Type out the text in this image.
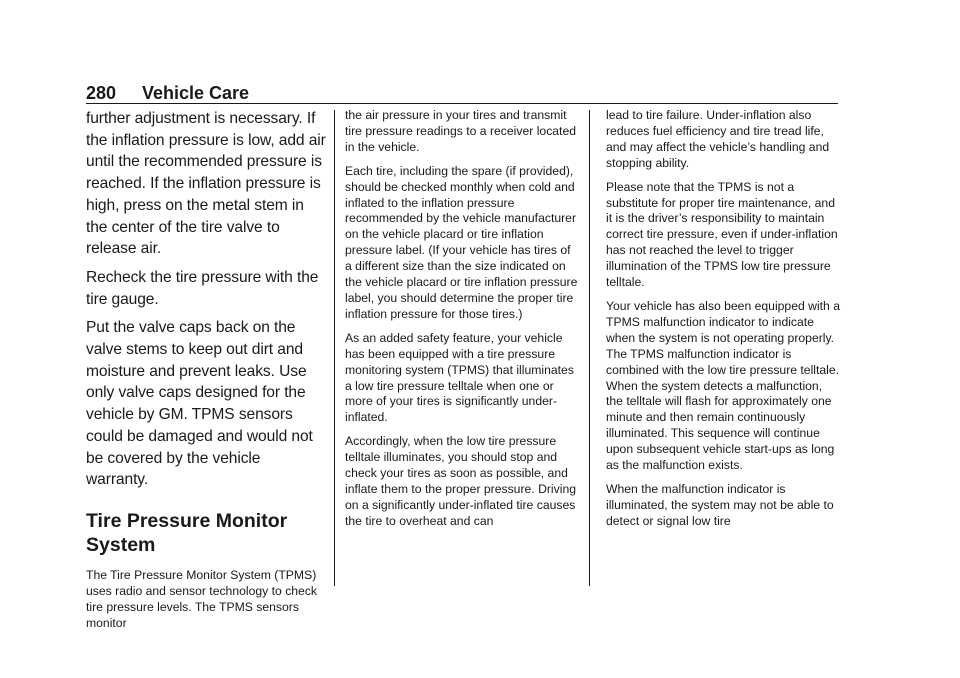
280 Vehicle Care

further adjustment is necessary. If the inflation pressure is low, add air until the recommended pressure is reached. If the inflation pressure is high, press on the metal stem in the center of the tire valve to release air.

Recheck the tire pressure with the tire gauge.

Put the valve caps back on the valve stems to keep out dirt and moisture and prevent leaks. Use only valve caps designed for the vehicle by GM. TPMS sensors could be damaged and would not be covered by the vehicle warranty.

Tire Pressure Monitor System

The Tire Pressure Monitor System (TPMS) uses radio and sensor technology to check tire pressure levels. The TPMS sensors monitor

the air pressure in your tires and transmit tire pressure readings to a receiver located in the vehicle.

Each tire, including the spare (if provided), should be checked monthly when cold and inflated to the inflation pressure recommended by the vehicle manufacturer on the vehicle placard or tire inflation pressure label. (If your vehicle has tires of a different size than the size indicated on the vehicle placard or tire inflation pressure label, you should determine the proper tire inflation pressure for those tires.)

As an added safety feature, your vehicle has been equipped with a tire pressure monitoring system (TPMS) that illuminates a low tire pressure telltale when one or more of your tires is significantly under-inflated.

Accordingly, when the low tire pressure telltale illuminates, you should stop and check your tires as soon as possible, and inflate them to the proper pressure. Driving on a significantly under-inflated tire causes the tire to overheat and can

lead to tire failure. Under-inflation also reduces fuel efficiency and tire tread life, and may affect the vehicle’s handling and stopping ability.

Please note that the TPMS is not a substitute for proper tire maintenance, and it is the driver’s responsibility to maintain correct tire pressure, even if under-inflation has not reached the level to trigger illumination of the TPMS low tire pressure telltale.

Your vehicle has also been equipped with a TPMS malfunction indicator to indicate when the system is not operating properly. The TPMS malfunction indicator is combined with the low tire pressure telltale. When the system detects a malfunction, the telltale will flash for approximately one minute and then remain continuously illuminated. This sequence will continue upon subsequent vehicle start-ups as long as the malfunction exists.

When the malfunction indicator is illuminated, the system may not be able to detect or signal low tire
